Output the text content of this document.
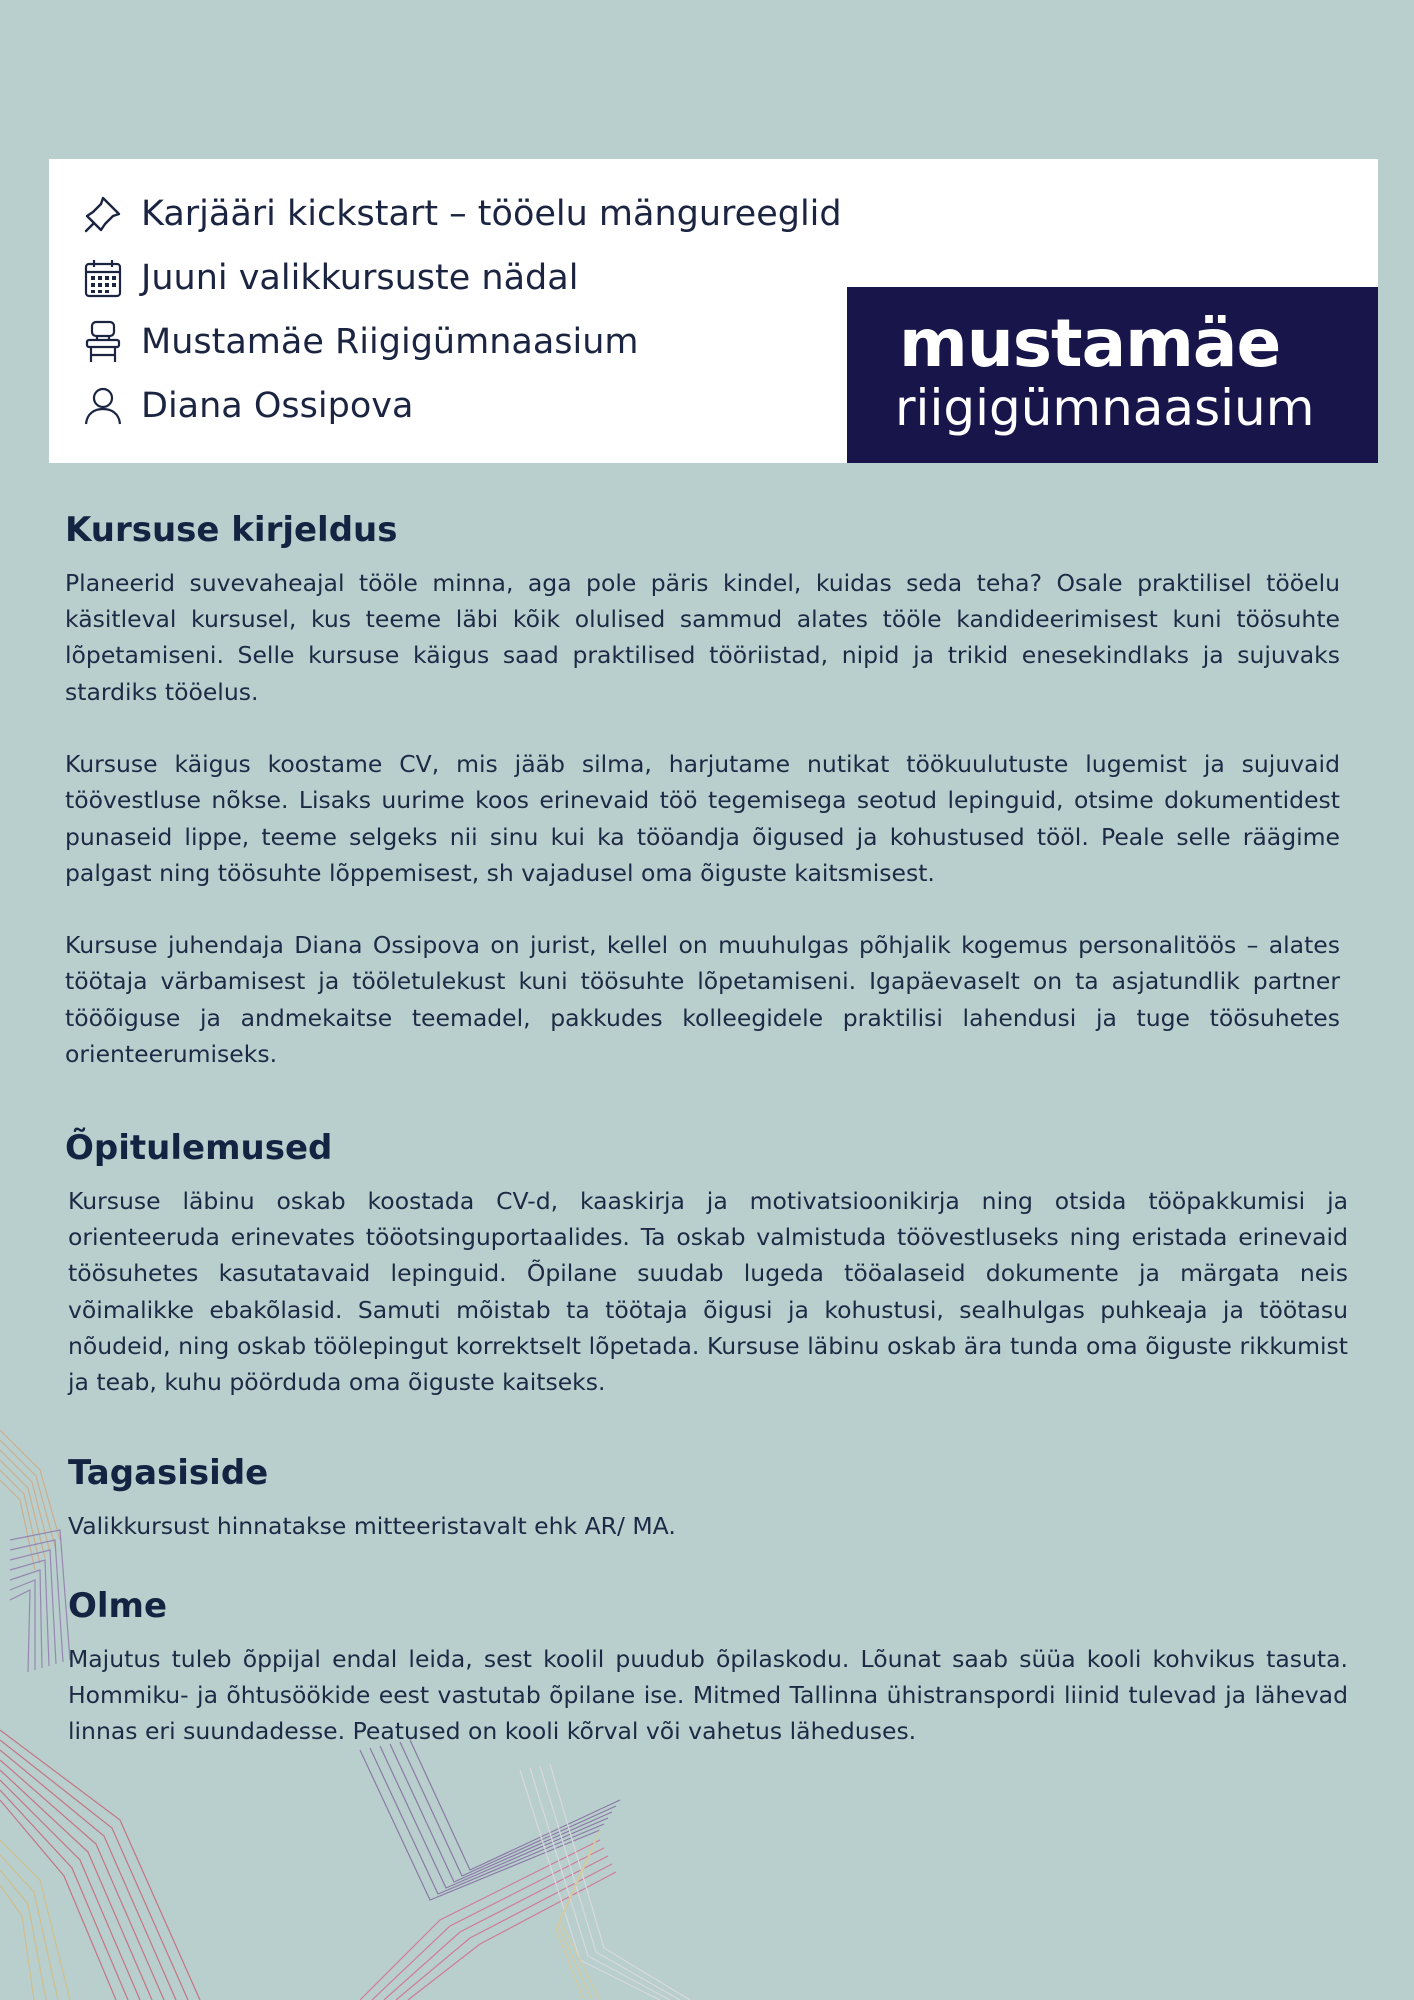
Karjääri kickstart – tööelu mängureeglid
Juuni valikkursuste nädal
Mustamäe Riigigümnaasium
Diana Ossipova
mustamäe
riigigümnaasium
Kursuse kirjeldus

Planeerid suvevaheajal tööle minna, aga pole päris kindel, kuidas seda teha? Osale praktilisel tööelu käsitleval kursusel, kus teeme läbi kõik olulised sammud alates tööle kandideerimisest kuni töösuhte lõpetamiseni. Selle kursuse käigus saad praktilised tööriistad, nipid ja trikid enesekindlaks ja sujuvaks stardiks tööelus.

Kursuse käigus koostame CV, mis jääb silma, harjutame nutikat töökuulutuste lugemist ja sujuvaid töövestluse nõkse. Lisaks uurime koos erinevaid töö tegemisega seotud lepinguid, otsime dokumentidest punaseid lippe, teeme selgeks nii sinu kui ka tööandja õigused ja kohustused tööl. Peale selle räägime palgast ning töösuhte lõppemisest, sh vajadusel oma õiguste kaitsmisest.

Kursuse juhendaja Diana Ossipova on jurist, kellel on muuhulgas põhjalik kogemus personalitöös – alates töötaja värbamisest ja tööletulekust kuni töösuhte lõpetamiseni. Igapäevaselt on ta asjatundlik partner tööõiguse ja andmekaitse teemadel, pakkudes kolleegidele praktilisi lahendusi ja tuge töösuhetes orienteerumiseks.

Õpitulemused

Kursuse läbinu oskab koostada CV-d, kaaskirja ja motivatsioonikirja ning otsida tööpakkumisi ja orienteeruda erinevates tööotsinguportaalides. Ta oskab valmistuda töövestluseks ning eristada erinevaid töösuhetes kasutatavaid lepinguid. Õpilane suudab lugeda tööalaseid dokumente ja märgata neis võimalikke ebakõlasid. Samuti mõistab ta töötaja õigusi ja kohustusi, sealhulgas puhkeaja ja töötasu nõudeid, ning oskab töölepingut korrektselt lõpetada. Kursuse läbinu oskab ära tunda oma õiguste rikkumist ja teab, kuhu pöörduda oma õiguste kaitseks.

Tagasiside

Valikkursust hinnatakse mitteeristavalt ehk AR/ MA.

Olme

Majutus tuleb õppijal endal leida, sest koolil puudub õpilaskodu. Lõunat saab süüa kooli kohvikus tasuta. Hommiku- ja õhtusöökide eest vastutab õpilane ise. Mitmed Tallinna ühistranspordi liinid tulevad ja lähevad linnas eri suundadesse. Peatused on kooli kõrval või vahetus läheduses.
